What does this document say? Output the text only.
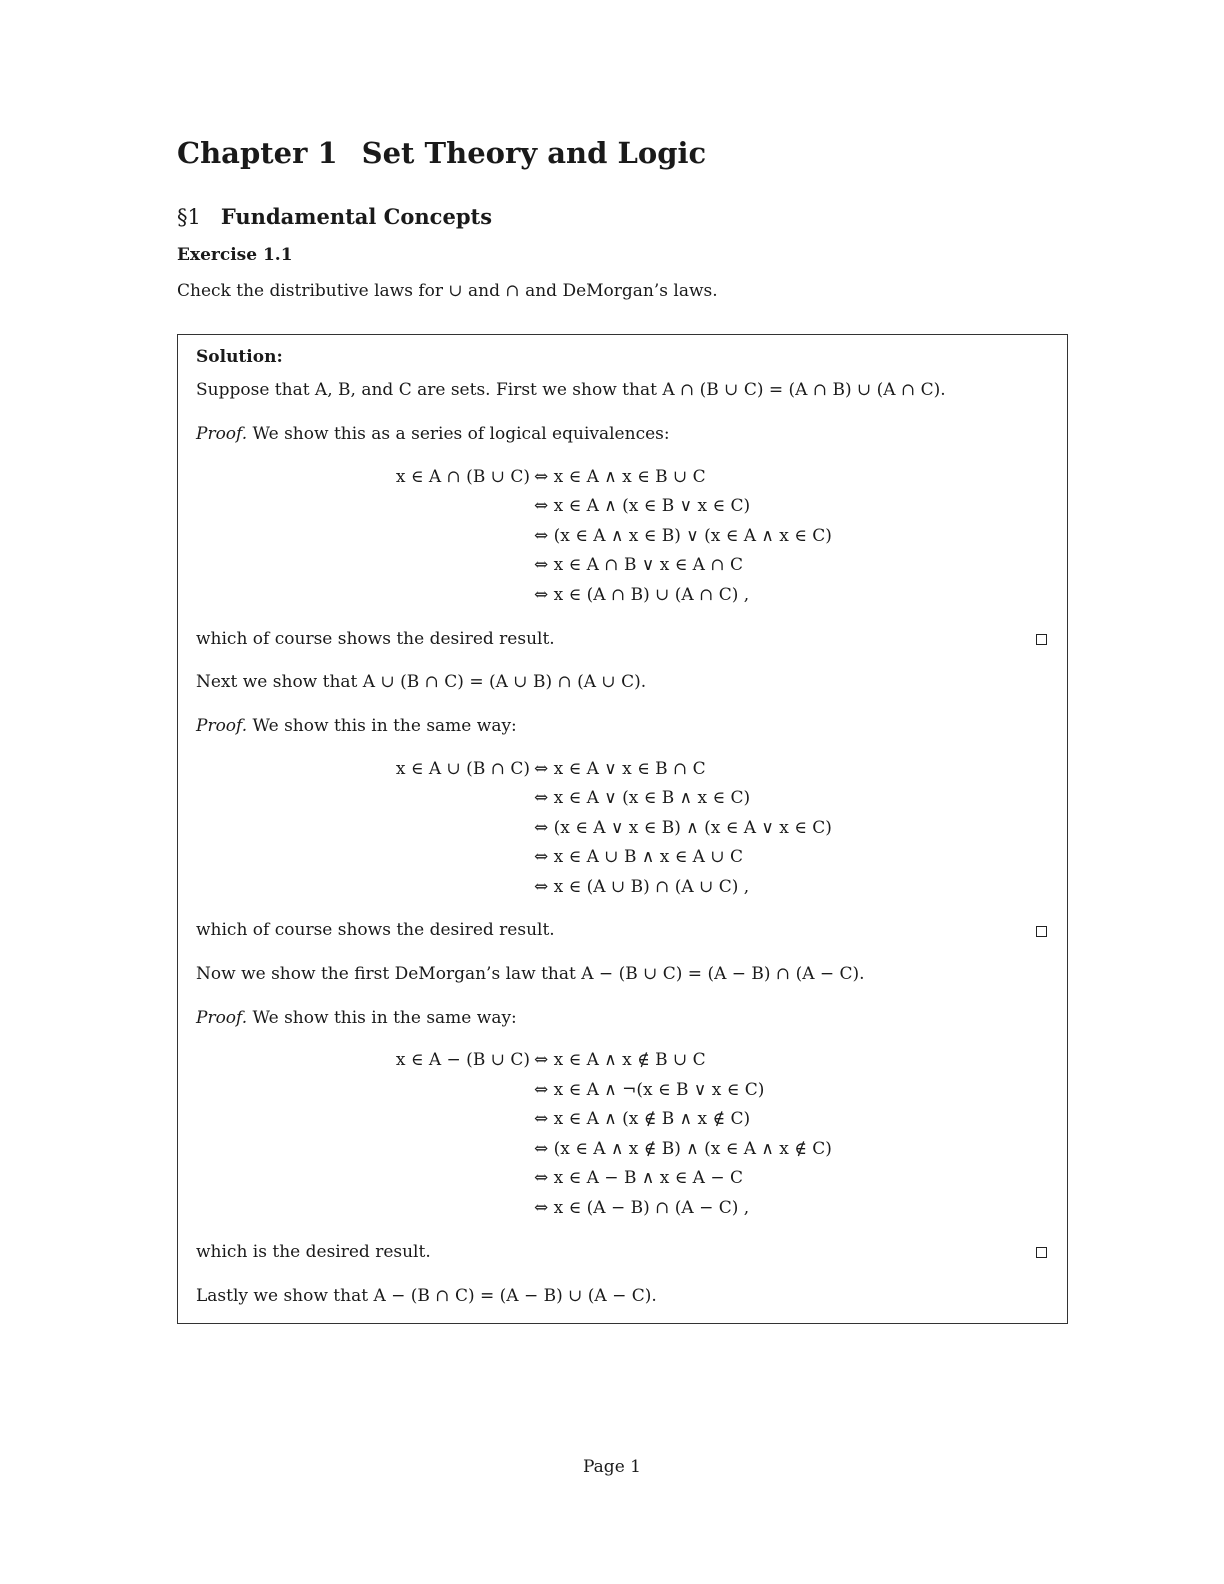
Chapter 1 Set Theory and Logic
§1 Fundamental Concepts
Exercise 1.1
Check the distributive laws for ∪ and ∩ and DeMorgan’s laws.
Solution:
Suppose that A, B, and C are sets. First we show that A ∩ (B ∪ C) = (A ∩ B) ∪ (A ∩ C).
Proof. We show this as a series of logical equivalences:
x ∈ A ∩ (B ∪ C) ⇔ x ∈ A ∧ x ∈ B ∪ C
⇔ x ∈ A ∧ (x ∈ B ∨ x ∈ C)
⇔ (x ∈ A ∧ x ∈ B) ∨ (x ∈ A ∧ x ∈ C)
⇔ x ∈ A ∩ B ∨ x ∈ A ∩ C
⇔ x ∈ (A ∩ B) ∪ (A ∩ C) ,
which of course shows the desired result.
Next we show that A ∪ (B ∩ C) = (A ∪ B) ∩ (A ∪ C).
Proof. We show this in the same way:
x ∈ A ∪ (B ∩ C) ⇔ x ∈ A ∨ x ∈ B ∩ C
⇔ x ∈ A ∨ (x ∈ B ∧ x ∈ C)
⇔ (x ∈ A ∨ x ∈ B) ∧ (x ∈ A ∨ x ∈ C)
⇔ x ∈ A ∪ B ∧ x ∈ A ∪ C
⇔ x ∈ (A ∪ B) ∩ (A ∪ C) ,
which of course shows the desired result.
Now we show the first DeMorgan’s law that A − (B ∪ C) = (A − B) ∩ (A − C).
Proof. We show this in the same way:
x ∈ A − (B ∪ C) ⇔ x ∈ A ∧ x ∉ B ∪ C
⇔ x ∈ A ∧ ¬(x ∈ B ∨ x ∈ C)
⇔ x ∈ A ∧ (x ∉ B ∧ x ∉ C)
⇔ (x ∈ A ∧ x ∉ B) ∧ (x ∈ A ∧ x ∉ C)
⇔ x ∈ A − B ∧ x ∈ A − C
⇔ x ∈ (A − B) ∩ (A − C) ,
which is the desired result.
Lastly we show that A − (B ∩ C) = (A − B) ∪ (A − C).
Page 1
